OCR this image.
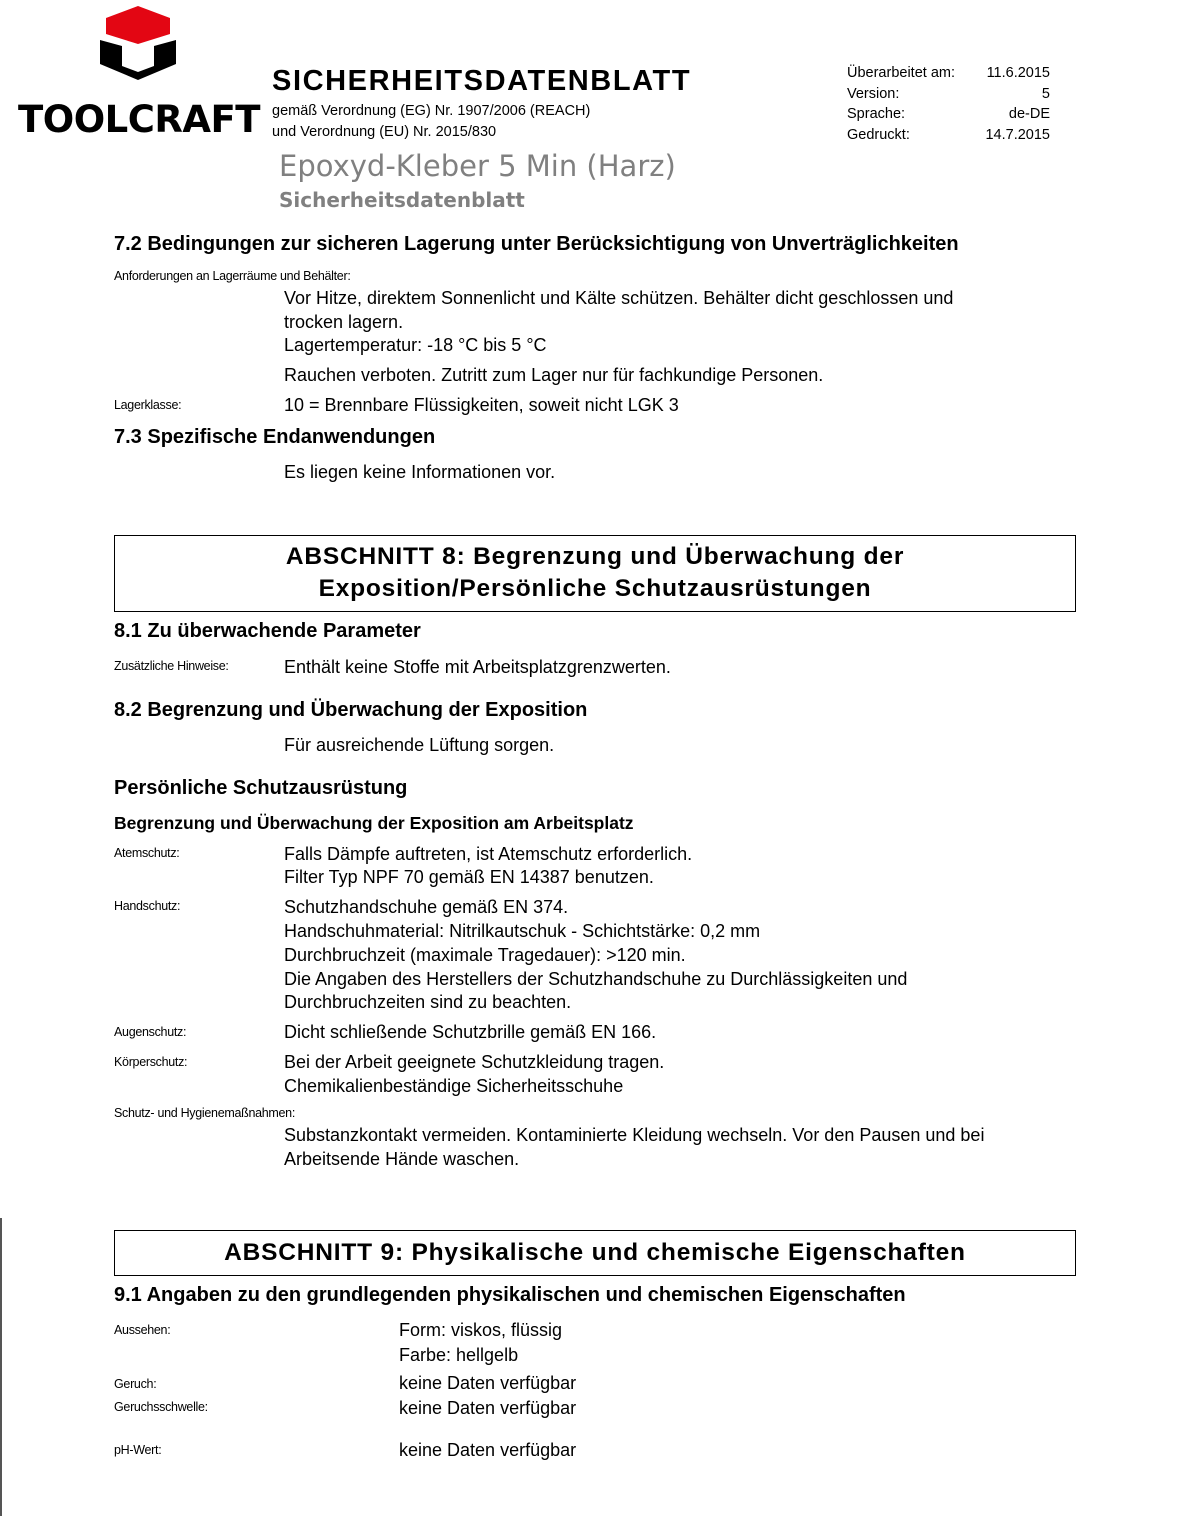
TOOLCRAFT
SICHERHEITSDATENBLATT
gemäß Verordnung (EG) Nr. 1907/2006 (REACH)
und Verordnung (EU) Nr. 2015/830
Überarbeitet am: 11.6.2015
Version:	5
Sprache:	de-DE
Gedruckt:	14.7.2015
Epoxyd-Kleber 5 Min (Harz)
Sicherheitsdatenblatt
7.2 Bedingungen zur sicheren Lagerung unter Berücksichtigung von Unverträglichkeiten
Anforderungen an Lagerräume und Behälter:
Vor Hitze, direktem Sonnenlicht und Kälte schützen. Behälter dicht geschlossen und
trocken lagern.
Lagertemperatur: -18 °C bis 5 °C
Rauchen verboten. Zutritt zum Lager nur für fachkundige Personen.
Lagerklasse:	10 = Brennbare Flüssigkeiten, soweit nicht LGK 3
7.3 Spezifische Endanwendungen
Es liegen keine Informationen vor.
ABSCHNITT 8: Begrenzung und Überwachung der
Exposition/Persönliche Schutzausrüstungen
8.1 Zu überwachende Parameter
Zusätzliche Hinweise:	Enthält keine Stoffe mit Arbeitsplatzgrenzwerten.
8.2 Begrenzung und Überwachung der Exposition
Für ausreichende Lüftung sorgen.
Persönliche Schutzausrüstung
Begrenzung und Überwachung der Exposition am Arbeitsplatz
Atemschutz:	Falls Dämpfe auftreten, ist Atemschutz erforderlich.
Filter Typ NPF 70 gemäß EN 14387 benutzen.
Handschutz:	Schutzhandschuhe gemäß EN 374.
Handschuhmaterial: Nitrilkautschuk - Schichtstärke: 0,2 mm
Durchbruchzeit (maximale Tragedauer): >120 min.
Die Angaben des Herstellers der Schutzhandschuhe zu Durchlässigkeiten und
Durchbruchzeiten sind zu beachten.
Augenschutz:	Dicht schließende Schutzbrille gemäß EN 166.
Körperschutz:	Bei der Arbeit geeignete Schutzkleidung tragen.
Chemikalienbeständige Sicherheitsschuhe
Schutz- und Hygienemaßnahmen:
Substanzkontakt vermeiden. Kontaminierte Kleidung wechseln. Vor den Pausen und bei
Arbeitsende Hände waschen.
ABSCHNITT 9: Physikalische und chemische Eigenschaften
9.1 Angaben zu den grundlegenden physikalischen und chemischen Eigenschaften
Aussehen:	Form: viskos, flüssig
Farbe: hellgelb
Geruch:	keine Daten verfügbar
Geruchsschwelle:	keine Daten verfügbar
pH-Wert:	keine Daten verfügbar
